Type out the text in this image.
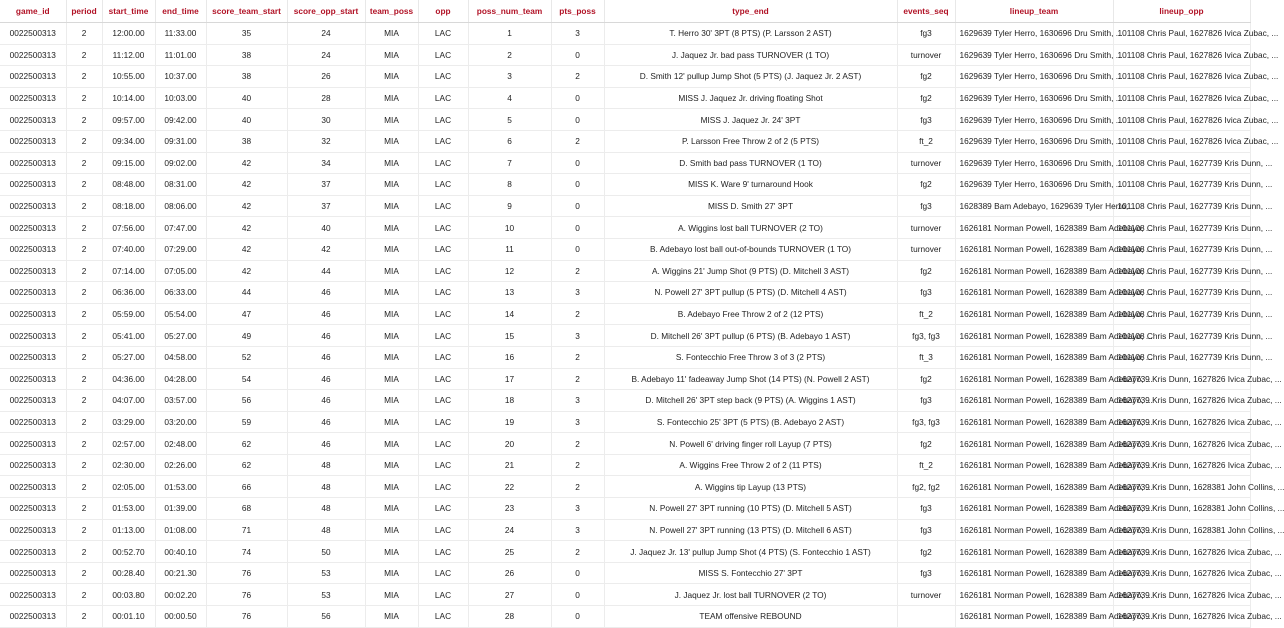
game_id	period	start_time	end_time	score_team_start	score_opp_start	team_poss	opp	poss_num_team	pts_poss	type_end	events_seq	lineup_team	lineup_opp
0022500313	2	12:00.00	11:33.00	35	24	MIA	LAC	1	3	T. Herro 30' 3PT (8 PTS) (P. Larsson 2 AST)	fg3	1629639 Tyler Herro, 1630696 Dru Smith, ...	101108 Chris Paul, 1627826 Ivica Zubac, ...
0022500313	2	11:12.00	11:01.00	38	24	MIA	LAC	2	0	J. Jaquez Jr. bad pass TURNOVER (1 TO)	turnover	1629639 Tyler Herro, 1630696 Dru Smith, ...	101108 Chris Paul, 1627826 Ivica Zubac, ...
0022500313	2	10:55.00	10:37.00	38	26	MIA	LAC	3	2	D. Smith 12' pullup Jump Shot (5 PTS) (J. Jaquez Jr. 2 AST)	fg2	1629639 Tyler Herro, 1630696 Dru Smith, ...	101108 Chris Paul, 1627826 Ivica Zubac, ...
0022500313	2	10:14.00	10:03.00	40	28	MIA	LAC	4	0	MISS J. Jaquez Jr. driving floating Shot	fg2	1629639 Tyler Herro, 1630696 Dru Smith, ...	101108 Chris Paul, 1627826 Ivica Zubac, ...
0022500313	2	09:57.00	09:42.00	40	30	MIA	LAC	5	0	MISS J. Jaquez Jr. 24' 3PT	fg3	1629639 Tyler Herro, 1630696 Dru Smith, ...	101108 Chris Paul, 1627826 Ivica Zubac, ...
0022500313	2	09:34.00	09:31.00	38	32	MIA	LAC	6	2	P. Larsson Free Throw 2 of 2 (5 PTS)	ft_2	1629639 Tyler Herro, 1630696 Dru Smith, ...	101108 Chris Paul, 1627826 Ivica Zubac, ...
0022500313	2	09:15.00	09:02.00	42	34	MIA	LAC	7	0	D. Smith bad pass TURNOVER (1 TO)	turnover	1629639 Tyler Herro, 1630696 Dru Smith, ...	101108 Chris Paul, 1627739 Kris Dunn, ...
0022500313	2	08:48.00	08:31.00	42	37	MIA	LAC	8	0	MISS K. Ware 9' turnaround Hook	fg2	1629639 Tyler Herro, 1630696 Dru Smith, ...	101108 Chris Paul, 1627739 Kris Dunn, ...
0022500313	2	08:18.00	08:06.00	42	37	MIA	LAC	9	0	MISS D. Smith 27' 3PT	fg3	1628389 Bam Adebayo, 1629639 Tyler Herro, ...	101108 Chris Paul, 1627739 Kris Dunn, ...
0022500313	2	07:56.00	07:47.00	42	40	MIA	LAC	10	0	A. Wiggins lost ball TURNOVER (2 TO)	turnover	1626181 Norman Powell, 1628389 Bam Adebayo, ...	101108 Chris Paul, 1627739 Kris Dunn, ...
0022500313	2	07:40.00	07:29.00	42	42	MIA	LAC	11	0	B. Adebayo lost ball out-of-bounds TURNOVER (1 TO)	turnover	1626181 Norman Powell, 1628389 Bam Adebayo, ...	101108 Chris Paul, 1627739 Kris Dunn, ...
0022500313	2	07:14.00	07:05.00	42	44	MIA	LAC	12	2	A. Wiggins 21' Jump Shot (9 PTS) (D. Mitchell 3 AST)	fg2	1626181 Norman Powell, 1628389 Bam Adebayo, ...	101108 Chris Paul, 1627739 Kris Dunn, ...
0022500313	2	06:36.00	06:33.00	44	46	MIA	LAC	13	3	N. Powell 27' 3PT pullup (5 PTS) (D. Mitchell 4 AST)	fg3	1626181 Norman Powell, 1628389 Bam Adebayo, ...	101108 Chris Paul, 1627739 Kris Dunn, ...
0022500313	2	05:59.00	05:54.00	47	46	MIA	LAC	14	2	B. Adebayo Free Throw 2 of 2 (12 PTS)	ft_2	1626181 Norman Powell, 1628389 Bam Adebayo, ...	101108 Chris Paul, 1627739 Kris Dunn, ...
0022500313	2	05:41.00	05:27.00	49	46	MIA	LAC	15	3	D. Mitchell 26' 3PT pullup (6 PTS) (B. Adebayo 1 AST)	fg3, fg3	1626181 Norman Powell, 1628389 Bam Adebayo, ...	101108 Chris Paul, 1627739 Kris Dunn, ...
0022500313	2	05:27.00	04:58.00	52	46	MIA	LAC	16	2	S. Fontecchio Free Throw 3 of 3 (2 PTS)	ft_3	1626181 Norman Powell, 1628389 Bam Adebayo, ...	101108 Chris Paul, 1627739 Kris Dunn, ...
0022500313	2	04:36.00	04:28.00	54	46	MIA	LAC	17	2	B. Adebayo 11' fadeaway Jump Shot (14 PTS) (N. Powell 2 AST)	fg2	1626181 Norman Powell, 1628389 Bam Adebayo, ...	1627739 Kris Dunn, 1627826 Ivica Zubac, ...
0022500313	2	04:07.00	03:57.00	56	46	MIA	LAC	18	3	D. Mitchell 26' 3PT step back (9 PTS) (A. Wiggins 1 AST)	fg3	1626181 Norman Powell, 1628389 Bam Adebayo, ...	1627739 Kris Dunn, 1627826 Ivica Zubac, ...
0022500313	2	03:29.00	03:20.00	59	46	MIA	LAC	19	3	S. Fontecchio 25' 3PT (5 PTS) (B. Adebayo 2 AST)	fg3, fg3	1626181 Norman Powell, 1628389 Bam Adebayo, ...	1627739 Kris Dunn, 1627826 Ivica Zubac, ...
0022500313	2	02:57.00	02:48.00	62	46	MIA	LAC	20	2	N. Powell 6' driving finger roll Layup (7 PTS)	fg2	1626181 Norman Powell, 1628389 Bam Adebayo, ...	1627739 Kris Dunn, 1627826 Ivica Zubac, ...
0022500313	2	02:30.00	02:26.00	62	48	MIA	LAC	21	2	A. Wiggins Free Throw 2 of 2 (11 PTS)	ft_2	1626181 Norman Powell, 1628389 Bam Adebayo, ...	1627739 Kris Dunn, 1627826 Ivica Zubac, ...
0022500313	2	02:05.00	01:53.00	66	48	MIA	LAC	22	2	A. Wiggins tip Layup (13 PTS)	fg2, fg2	1626181 Norman Powell, 1628389 Bam Adebayo, ...	1627739 Kris Dunn, 1628381 John Collins, ...
0022500313	2	01:53.00	01:39.00	68	48	MIA	LAC	23	3	N. Powell 27' 3PT running (10 PTS) (D. Mitchell 5 AST)	fg3	1626181 Norman Powell, 1628389 Bam Adebayo, ...	1627739 Kris Dunn, 1628381 John Collins, ...
0022500313	2	01:13.00	01:08.00	71	48	MIA	LAC	24	3	N. Powell 27' 3PT running (13 PTS) (D. Mitchell 6 AST)	fg3	1626181 Norman Powell, 1628389 Bam Adebayo, ...	1627739 Kris Dunn, 1628381 John Collins, ...
0022500313	2	00:52.70	00:40.10	74	50	MIA	LAC	25	2	J. Jaquez Jr. 13' pullup Jump Shot (4 PTS) (S. Fontecchio 1 AST)	fg2	1626181 Norman Powell, 1628389 Bam Adebayo, ...	1627739 Kris Dunn, 1627826 Ivica Zubac, ...
0022500313	2	00:28.40	00:21.30	76	53	MIA	LAC	26	0	MISS S. Fontecchio 27' 3PT	fg3	1626181 Norman Powell, 1628389 Bam Adebayo, ...	1627739 Kris Dunn, 1627826 Ivica Zubac, ...
0022500313	2	00:03.80	00:02.20	76	53	MIA	LAC	27	0	J. Jaquez Jr. lost ball TURNOVER (2 TO)	turnover	1626181 Norman Powell, 1628389 Bam Adebayo, ...	1627739 Kris Dunn, 1627826 Ivica Zubac, ...
0022500313	2	00:01.10	00:00.50	76	56	MIA	LAC	28	0	TEAM offensive REBOUND		1626181 Norman Powell, 1628389 Bam Adebayo, ...	1627739 Kris Dunn, 1627826 Ivica Zubac, ...
